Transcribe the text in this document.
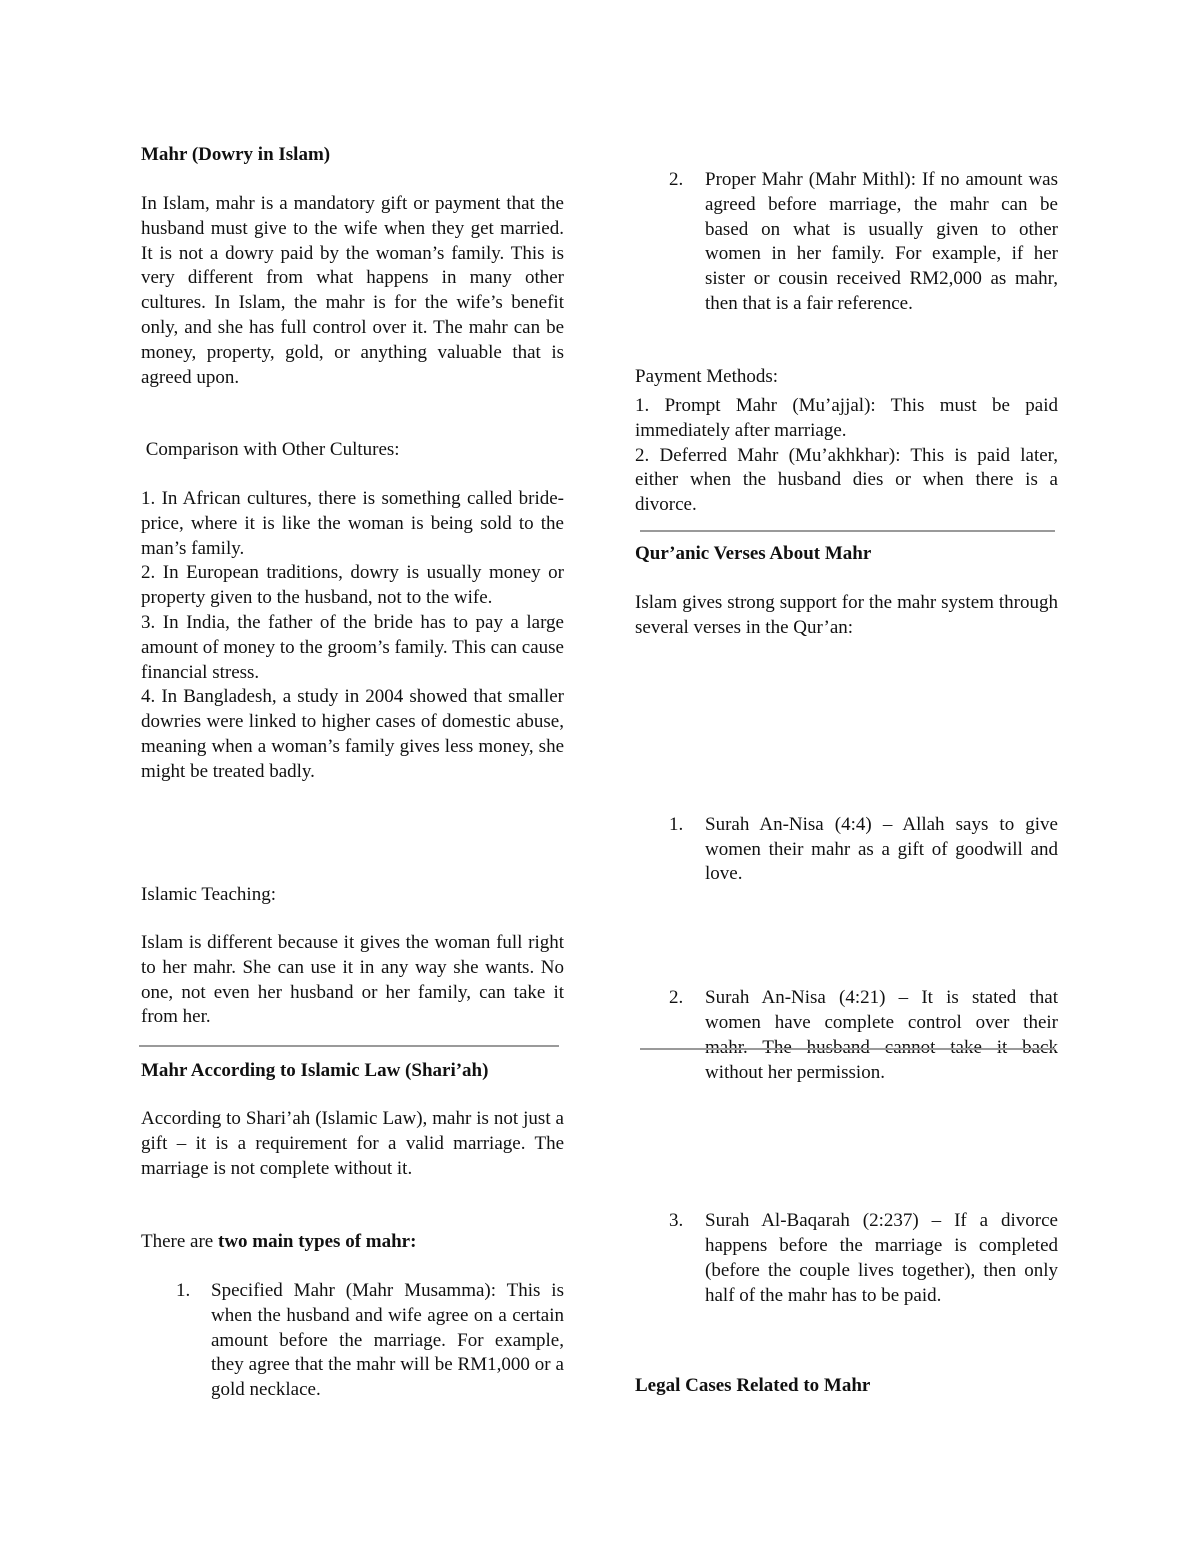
Mahr (Dowry in Islam)

In Islam, mahr is a mandatory gift or payment that the husband must give to the wife when they get married. It is not a dowry paid by the woman’s family. This is very different from what happens in many other cultures. In Islam, the mahr is for the wife’s benefit only, and she has full control over it. The mahr can be money, property, gold, or anything valuable that is agreed upon.

Comparison with Other Cultures:

1. In African cultures, there is something called bride-price, where it is like the woman is being sold to the man’s family.

2. In European traditions, dowry is usually money or property given to the husband, not to the wife.

3. In India, the father of the bride has to pay a large amount of money to the groom’s family. This can cause financial stress.

4. In Bangladesh, a study in 2004 showed that smaller dowries were linked to higher cases of domestic abuse, meaning when a woman’s family gives less money, she might be treated badly.

Islamic Teaching:

Islam is different because it gives the woman full right to her mahr. She can use it in any way she wants. No one, not even her husband or her family, can take it from her.

Mahr According to Islamic Law (Shari’ah)

According to Shari’ah (Islamic Law), mahr is not just a gift – it is a requirement for a valid marriage. The marriage is not complete without it.

There are two main types of mahr:

1. Specified Mahr (Mahr Musamma): This is when the husband and wife agree on a certain amount before the marriage. For example, they agree that the mahr will be RM1,000 or a gold necklace.
2. Proper Mahr (Mahr Mithl): If no amount was agreed before marriage, the mahr can be based on what is usually given to other women in her family. For example, if her sister or cousin received RM2,000 as mahr, then that is a fair reference.

Payment Methods:

1. Prompt Mahr (Mu’ajjal): This must be paid immediately after marriage.

2. Deferred Mahr (Mu’akhkhar): This is paid later, either when the husband dies or when there is a divorce.

Qur’anic Verses About Mahr

Islam gives strong support for the mahr system through several verses in the Qur’an:

1. Surah An-Nisa (4:4) – Allah says to give women their mahr as a gift of goodwill and love.
2. Surah An-Nisa (4:21) – It is stated that women have complete control over their mahr. The husband cannot take it back without her permission.
3. Surah Al-Baqarah (2:237) – If a divorce happens before the marriage is completed (before the couple lives together), then only half of the mahr has to be paid.

Legal Cases Related to Mahr
